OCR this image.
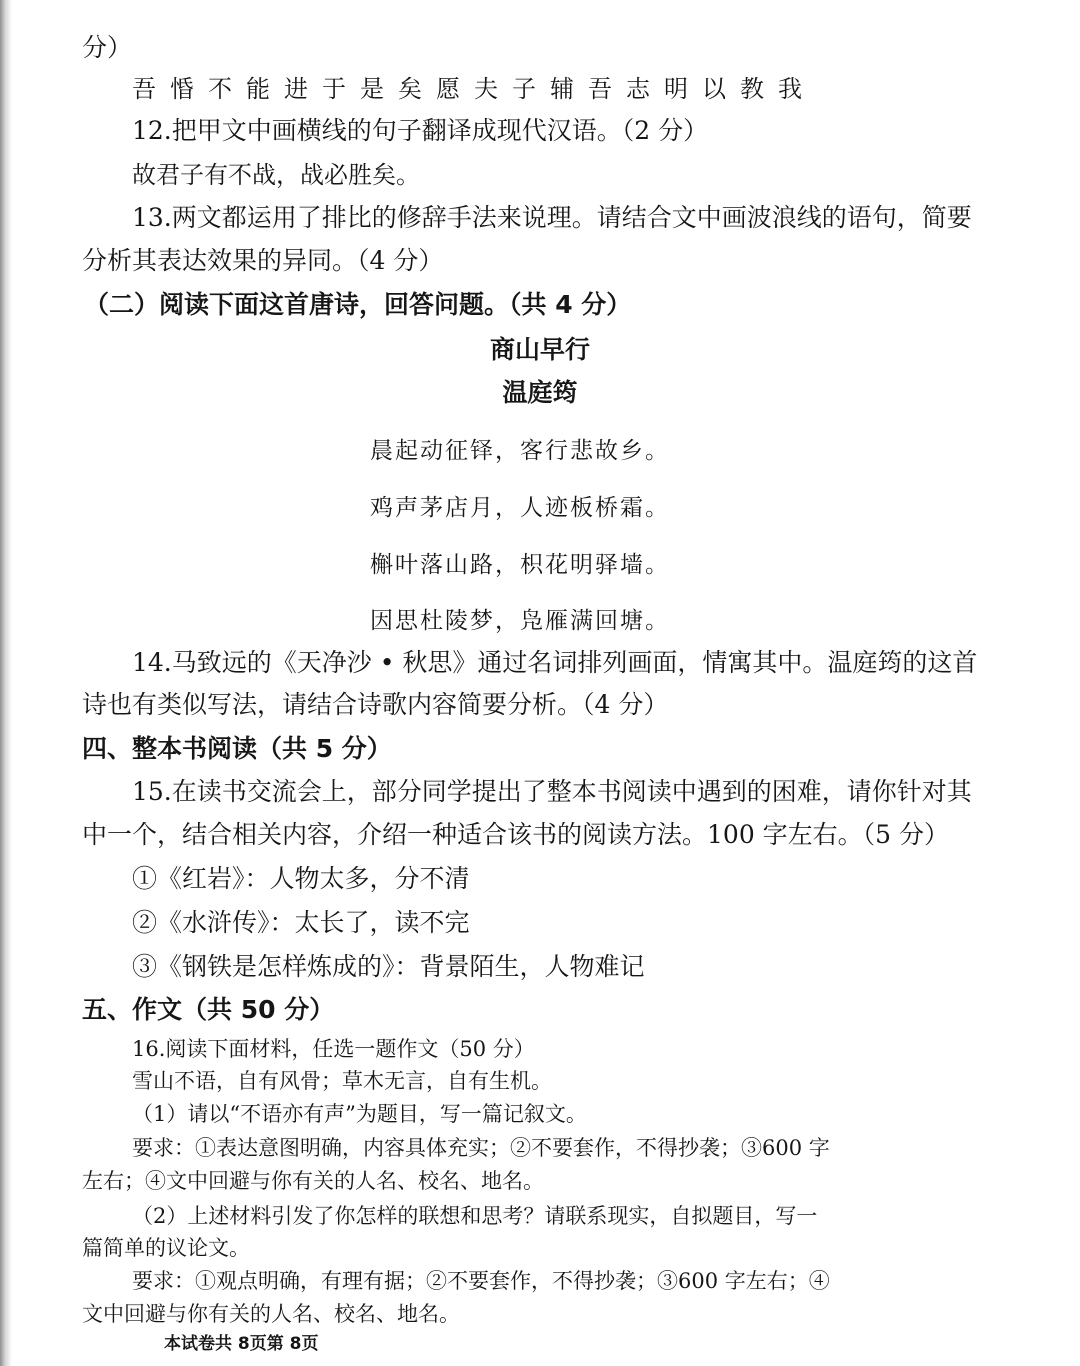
分）

吾惛不能进于是矣愿夫子辅吾志明以教我

12.把甲文中画横线的句子翻译成现代汉语。（2 分）

故君子有不战，战必胜矣。

13.两文都运用了排比的修辞手法来说理。请结合文中画波浪线的语句，简要

分析其表达效果的异同。（4 分）

（二）阅读下面这首唐诗，回答问题。（共 4 分）

商山早行

温庭筠

晨起动征铎，客行悲故乡。

鸡声茅店月，人迹板桥霜。

槲叶落山路，枳花明驿墙。

因思杜陵梦，凫雁满回塘。

14.马致远的《天净沙 • 秋思》通过名词排列画面，情寓其中。温庭筠的这首

诗也有类似写法，请结合诗歌内容简要分析。（4 分）

四、整本书阅读（共 5 分）

15.在读书交流会上，部分同学提出了整本书阅读中遇到的困难，请你针对其

中一个，结合相关内容，介绍一种适合该书的阅读方法。100 字左右。（5 分）

①《红岩》：人物太多，分不清

②《水浒传》：太长了，读不完

③《钢铁是怎样炼成的》：背景陌生，人物难记

五、作文（共 50 分）

16.阅读下面材料，任选一题作文（50 分）

雪山不语，自有风骨；草木无言，自有生机。

（1）请以“不语亦有声”为题目，写一篇记叙文。

要求：①表达意图明确，内容具体充实；②不要套作，不得抄袭；③600 字

左右；④文中回避与你有关的人名、校名、地名。

（2）上述材料引发了你怎样的联想和思考？请联系现实，自拟题目，写一

篇简单的议论文。

要求：①观点明确，有理有据；②不要套作，不得抄袭；③600 字左右；④

文中回避与你有关的人名、校名、地名。

本试卷共 8页第 8页
